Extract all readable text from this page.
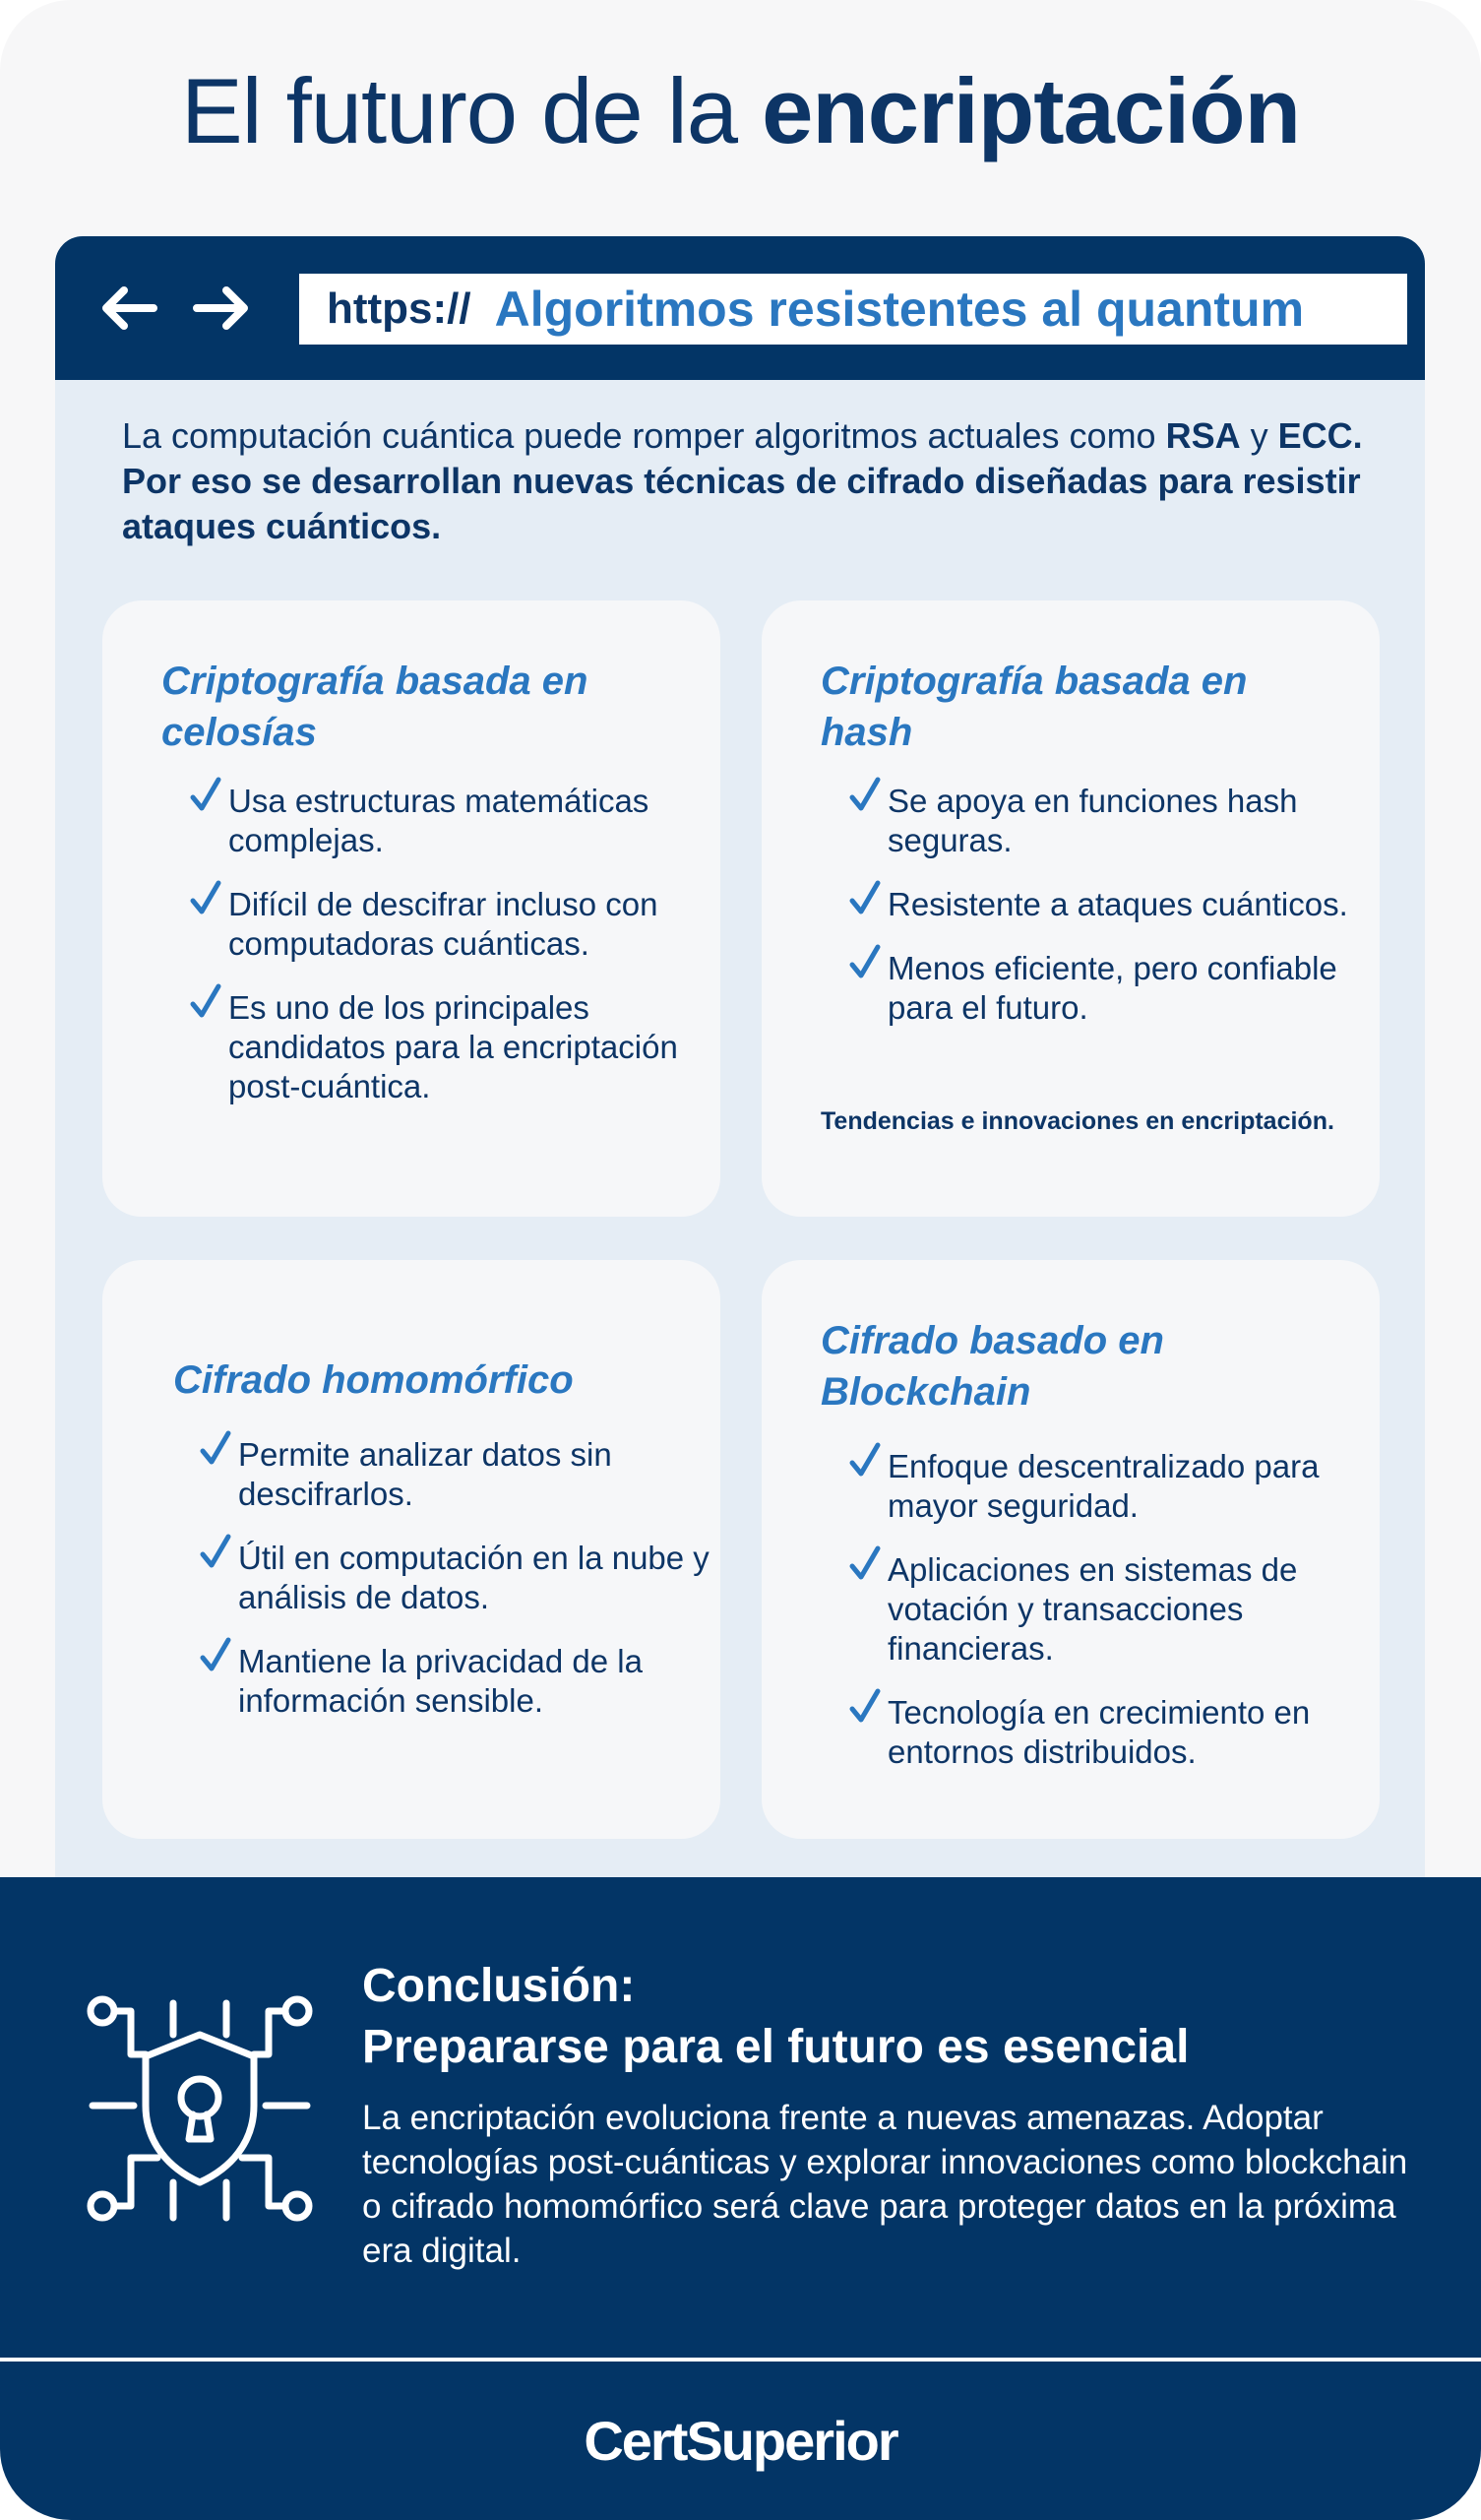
El futuro de la encriptación
https:// Algoritmos resistentes al quantum
La computación cuántica puede romper algoritmos actuales como RSA y ECC. Por eso se desarrollan nuevas técnicas de cifrado diseñadas para resistir ataques cuánticos.
Criptografía basada en celosías
Usa estructuras matemáticas complejas.
Difícil de descifrar incluso con computadoras cuánticas.
Es uno de los principales candidatos para la encriptación post-cuántica.
Criptografía basada en hash
Se apoya en funciones hash seguras.
Resistente a ataques cuánticos.
Menos eficiente, pero confiable para el futuro.
Tendencias e innovaciones en encriptación.
Cifrado homomórfico
Permite analizar datos sin descifrarlos.
Útil en computación en la nube y análisis de datos.
Mantiene la privacidad de la información sensible.
Cifrado basado en Blockchain
Enfoque descentralizado para mayor seguridad.
Aplicaciones en sistemas de votación y transacciones financieras.
Tecnología en crecimiento en entornos distribuidos.
Conclusión:
Prepararse para el futuro es esencial
La encriptación evoluciona frente a nuevas amenazas. Adoptar tecnologías post-cuánticas y explorar innovaciones como blockchain o cifrado homomórfico será clave para proteger datos en la próxima era digital.
CertSuperior
